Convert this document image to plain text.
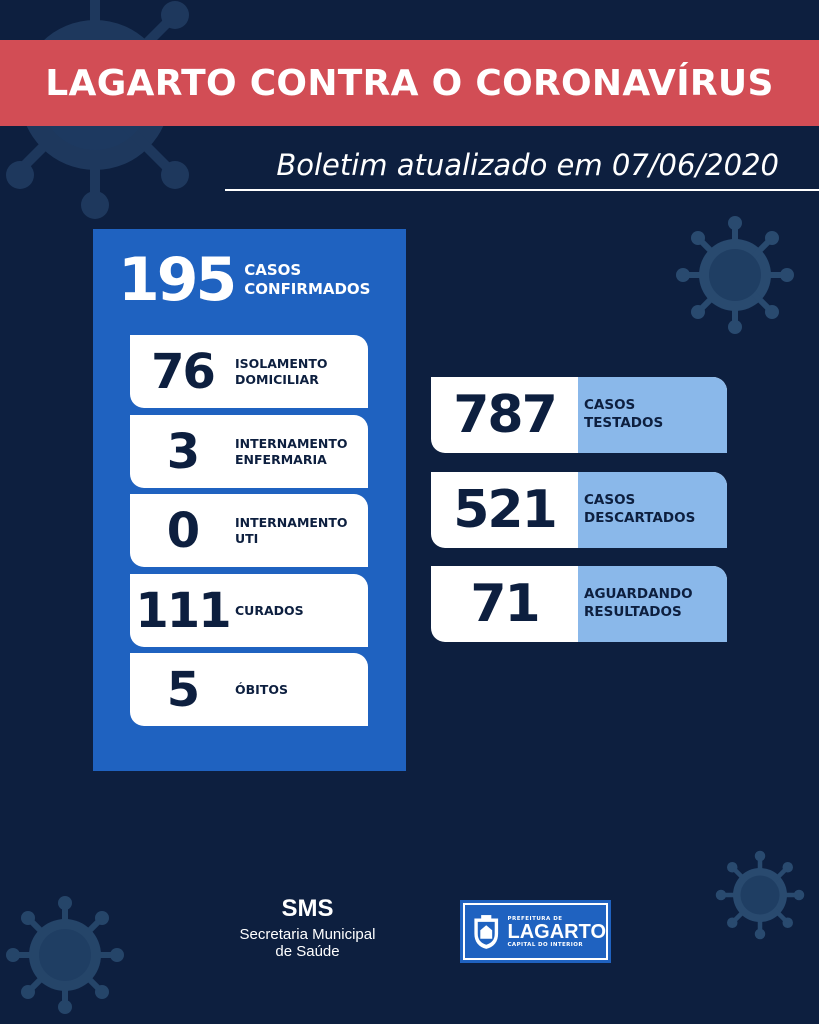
LAGARTO CONTRA O CORONAVÍRUS
Boletim atualizado em 07/06/2020
195 CASOS
CONFIRMADOS
76	ISOLAMENTO
DOMICILIAR
3	INTERNAMENTO
ENFERMARIA
0	INTERNAMENTO
UTI
111 CURADOS
5	ÓBITOS
787	CASOS
TESTADOS
521	CASOS
DESCARTADOS
71	AGUARDANDO
RESULTADOS
SMS
Secretaria Municipal
de Saúde
PREFEITURA DE
LAGARTO
CAPITAL DO INTERIOR
